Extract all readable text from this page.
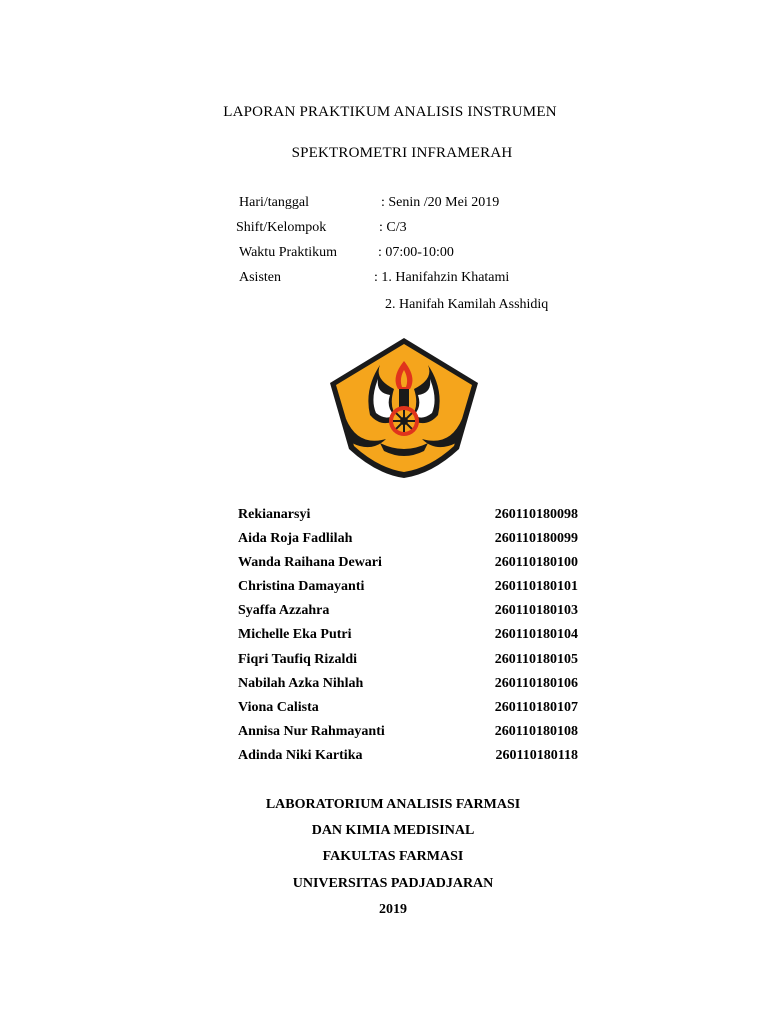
LAPORAN PRAKTIKUM ANALISIS INSTRUMEN
SPEKTROMETRI INFRAMERAH
Hari/tanggal	: Senin /20 Mei 2019
Shift/Kelompok	: C/3
Waktu Praktikum	: 07:00-10:00
Asisten	: 1. Hanifahzin Khatami
2. Hanifah Kamilah Asshidiq
Rekianarsyi	260110180098
Aida Roja Fadlilah	260110180099
Wanda Raihana Dewari	260110180100
Christina Damayanti	260110180101
Syaffa Azzahra	260110180103
Michelle Eka Putri	260110180104
Fiqri Taufiq Rizaldi	260110180105
Nabilah Azka Nihlah	260110180106
Viona Calista	260110180107
Annisa Nur Rahmayanti	260110180108
Adinda Niki Kartika	260110180118
LABORATORIUM ANALISIS FARMASI
DAN KIMIA MEDISINAL
FAKULTAS FARMASI
UNIVERSITAS PADJADJARAN
2019
